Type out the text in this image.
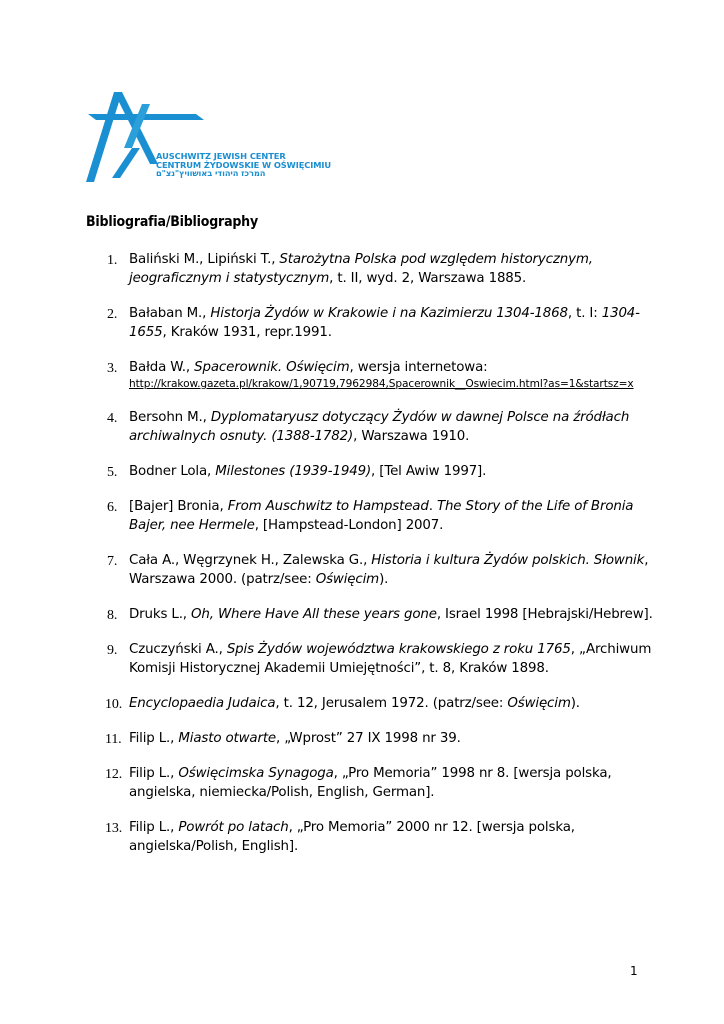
AUSCHWITZ JEWISH CENTER
CENTRUM ŻYDOWSKIE W OŚWIĘCIMIU
המרכז היהודי באושוויץ"נצ"ם
Bibliografia/Bibliography
1. Baliński M., Lipiński T., Starożytna Polska pod względem historycznym, jeograficznym i statystycznym, t. II, wyd. 2, Warszawa 1885.
2. Bałaban M., Historja Żydów w Krakowie i na Kazimierzu 1304-1868, t. I: 1304-1655, Kraków 1931, repr.1991.
3. Bałda W., Spacerownik. Oświęcim, wersja internetowa:
http://krakow.gazeta.pl/krakow/1,90719,7962984,Spacerownik__Oswiecim.html?as=1&startsz=x
4. Bersohn M., Dyplomataryusz dotyczący Żydów w dawnej Polsce na źródłach archiwalnych osnuty. (1388-1782), Warszawa 1910.
5. Bodner Lola, Milestones (1939-1949), [Tel Awiw 1997].
6. [Bajer] Bronia, From Auschwitz to Hampstead. The Story of the Life of Bronia Bajer, nee Hermele, [Hampstead-London] 2007.
7. Cała A., Węgrzynek H., Zalewska G., Historia i kultura Żydów polskich. Słownik, Warszawa 2000. (patrz/see: Oświęcim).
8. Druks L., Oh, Where Have All these years gone, Israel 1998 [Hebrajski/Hebrew].
9. Czuczyński A., Spis Żydów województwa krakowskiego z roku 1765, „Archiwum Komisji Historycznej Akademii Umiejętności”, t. 8, Kraków 1898.
10. Encyclopaedia Judaica, t. 12, Jerusalem 1972. (patrz/see: Oświęcim).
11. Filip L., Miasto otwarte, „Wprost” 27 IX 1998 nr 39.
12. Filip L., Oświęcimska Synagoga, „Pro Memoria” 1998 nr 8. [wersja polska, angielska, niemiecka/Polish, English, German].
13. Filip L., Powrót po latach, „Pro Memoria” 2000 nr 12. [wersja polska, angielska/Polish, English].
1
